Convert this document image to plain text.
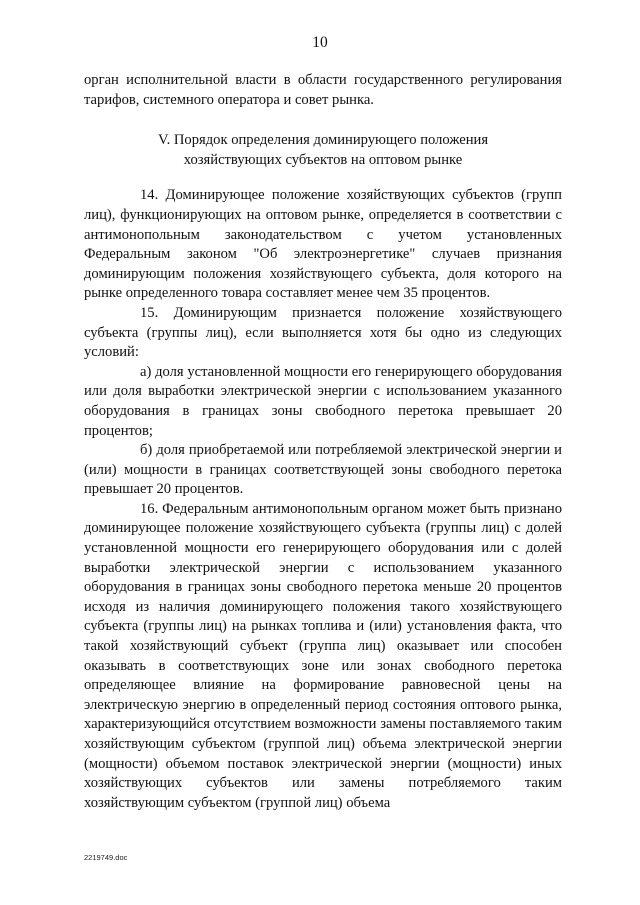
10

орган исполнительной власти в области государственного регулирования тарифов, системного оператора и совет рынка.

V. Порядок определения доминирующего положения хозяйствующих субъектов на оптовом рынке

14. Доминирующее положение хозяйствующих субъектов (групп лиц), функционирующих на оптовом рынке, определяется в соответствии с антимонопольным законодательством с учетом установленных Федеральным законом "Об электроэнергетике" случаев признания доминирующим положения хозяйствующего субъекта, доля которого на рынке определенного товара составляет менее чем 35 процентов.

15. Доминирующим признается положение хозяйствующего субъекта (группы лиц), если выполняется хотя бы одно из следующих условий:

а) доля установленной мощности его генерирующего оборудования или доля выработки электрической энергии с использованием указанного оборудования в границах зоны свободного перетока превышает 20 процентов;

б) доля приобретаемой или потребляемой электрической энергии и (или) мощности в границах соответствующей зоны свободного перетока превышает 20 процентов.

16. Федеральным антимонопольным органом может быть признано доминирующее положение хозяйствующего субъекта (группы лиц) с долей установленной мощности его генерирующего оборудования или с долей выработки электрической энергии с использованием указанного оборудования в границах зоны свободного перетока меньше 20 процентов исходя из наличия доминирующего положения такого хозяйствующего субъекта (группы лиц) на рынках топлива и (или) установления факта, что такой хозяйствующий субъект (группа лиц) оказывает или способен оказывать в соответствующих зоне или зонах свободного перетока определяющее влияние на формирование равновесной цены на электрическую энергию в определенный период состояния оптового рынка, характеризующийся отсутствием возможности замены поставляемого таким хозяйствующим субъектом (группой лиц) объема электрической энергии (мощности) объемом поставок электрической энергии (мощности) иных хозяйствующих субъектов или замены потребляемого таким хозяйствующим субъектом (группой лиц) объема

2219749.doc
